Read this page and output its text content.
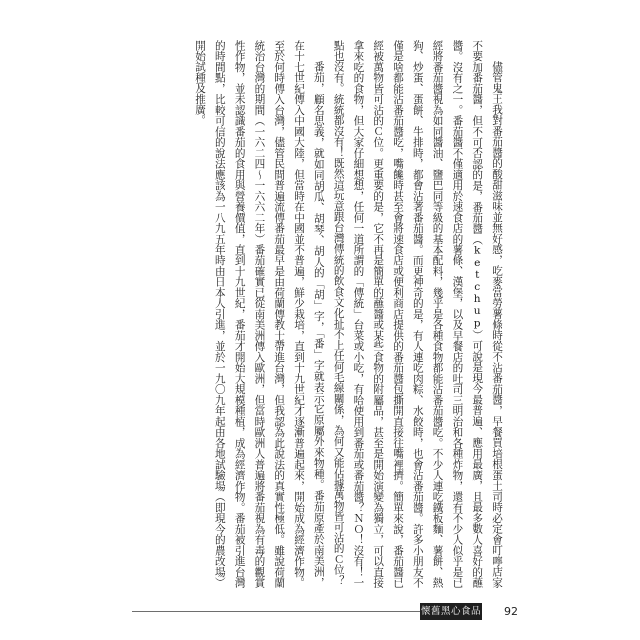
儘管鬼王我對番茄醬的酸甜滋味並無好感，吃麥當勞薯條時從不沾番茄醬，早餐買培根蛋土司時必定會叮嚀店家不要加番茄醬，但不可否認的是，番茄醬（ketchup）可說是現今最普遍、應用最廣，且最多數人喜好的蘸醬。沒有之一。番茄醬不僅適用於速食店的薯條、漢堡，以及早餐店的吐司三明治和各種炸物，還有不少人似乎是已經將番茄醬視為如同醬油、鹽巴同等級的基本配料，幾乎是各種食物都能沾番茄醬吃。不少人連吃鐵板麵、薯餅、熱狗、炒蛋、蛋餅、牛排時，都會沾著番茄醬。而更神奇的是，有人連吃肉粽、水餃時，也會沾番茄醬。許多小朋友不僅是啥都能沾番茄醬吃，嘴饞時甚至會將速食店或便利商店提供的番茄醬包撕開直接往嘴裡擠。簡單來說，番茄醬已經被萬物皆可沾的Ｃ位。更重要的是，它不再是簡單的蘸醬或某些食物的附屬品，甚至是開始演變為獨立，可以直接拿來吃的食物，但大家仔細想想，任何一道所謂的「傳統」台菜或小吃，有哈使用到番茄或番茄醬？ＮＯ！沒有！一點也沒有。統統都沒有！既然這玩意跟台灣傳統的飲食文化扯不上任何毛線關係，為何又能佔據萬物皆可沾的Ｃ位？

番茄，顧名思義，就如同胡瓜、胡琴、胡人的「胡」字，「番」字就表示它原屬外來物種。番茄原產於南美洲，在十七世紀傳入中國大陸，但當時在中國並不普遍，鮮少栽培，直到十九世紀才逐漸普遍起來，開始成為經濟作物。至於何時傳入台灣，儘管民間普遍流傳番茄最早是由荷蘭傳教士帶進台灣，但我認為此說法的真實性極低。雖說荷蘭統治台灣的期間（一六二四～一六六二年）番茄確實已從南美洲傳入歐洲，但當時歐洲人普遍將番茄視為有毒的觀賞性作物，並未認識番茄的食用與營養價值，直到十九世紀，番茄才開始大規模種植，成為經濟作物。番茄被引進台灣的時間點，比較可信的說法應該為一八九五年時由日本人引進，並於一九〇九年起由各地試驗場（即現今的農改場）開始試種及推廣。

懷舊黑心食品 92
